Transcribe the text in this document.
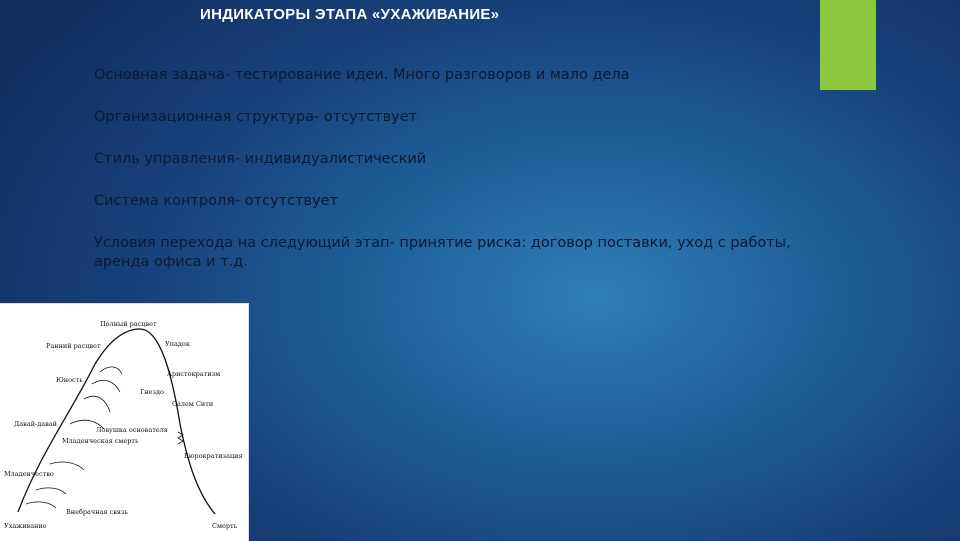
ИНДИКАТОРЫ ЭТАПА «УХАЖИВАНИЕ»
Основная задача- тестирование идеи. Много разговоров и мало дела
Организационная структура- отсутствует
Стиль управления- индивидуалистический
Система контроля- отсутствует
Условия перехода на следующий этап- принятие риска: договор поставки, уход с работы, аренда офиса и т.д.
Полный расцвет
Ранний расцвет	Упадок
Юность
Аристократизм
Гнездо
Салем Сити
Ловушка основателя
Давай-давай
Младенческая смерть
Бюрократизация
Младенчество
Внебрачная связь
Ухаживание	Смерть
